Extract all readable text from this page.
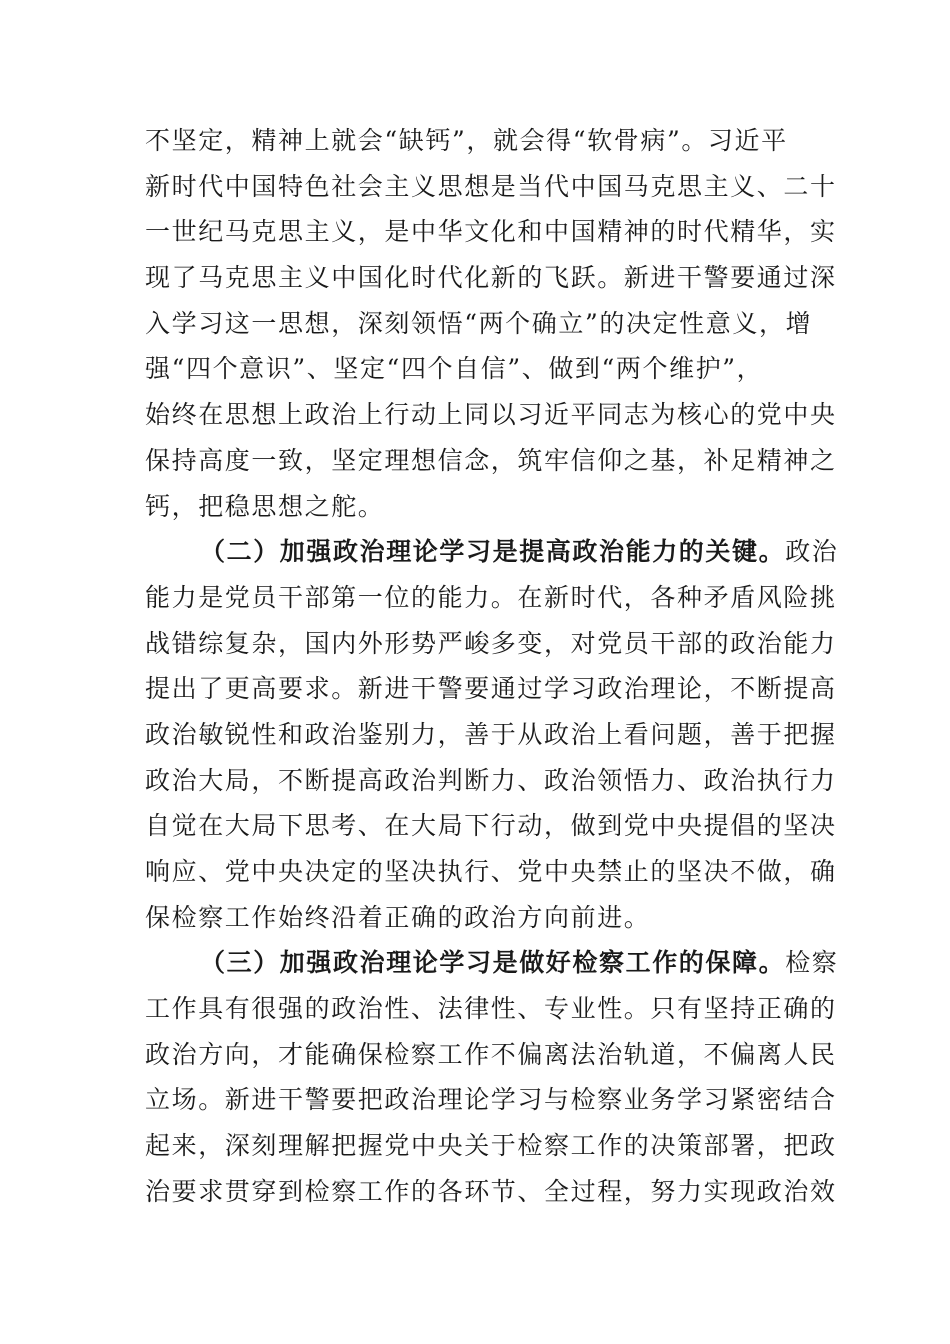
不坚定，精神上就会“缺钙”，就会得“软骨病”。习近平
新时代中国特色社会主义思想是当代中国马克思主义、二十
一世纪马克思主义，是中华文化和中国精神的时代精华，实
现了马克思主义中国化时代化新的飞跃。新进干警要通过深
入学习这一思想，深刻领悟“两个确立”的决定性意义，增
强“四个意识”、坚定“四个自信”、做到“两个维护”，
始终在思想上政治上行动上同以习近平同志为核心的党中央
保持高度一致，坚定理想信念，筑牢信仰之基，补足精神之
钙，把稳思想之舵。
（二）加强政治理论学习是提高政治能力的关键。政治
能力是党员干部第一位的能力。在新时代，各种矛盾风险挑
战错综复杂，国内外形势严峻多变，对党员干部的政治能力
提出了更高要求。新进干警要通过学习政治理论，不断提高
政治敏锐性和政治鉴别力，善于从政治上看问题，善于把握
政治大局，不断提高政治判断力、政治领悟力、政治执行力
自觉在大局下思考、在大局下行动，做到党中央提倡的坚决
响应、党中央决定的坚决执行、党中央禁止的坚决不做，确
保检察工作始终沿着正确的政治方向前进。
（三）加强政治理论学习是做好检察工作的保障。检察
工作具有很强的政治性、法律性、专业性。只有坚持正确的
政治方向，才能确保检察工作不偏离法治轨道，不偏离人民
立场。新进干警要把政治理论学习与检察业务学习紧密结合
起来，深刻理解把握党中央关于检察工作的决策部署，把政
治要求贯穿到检察工作的各环节、全过程，努力实现政治效
